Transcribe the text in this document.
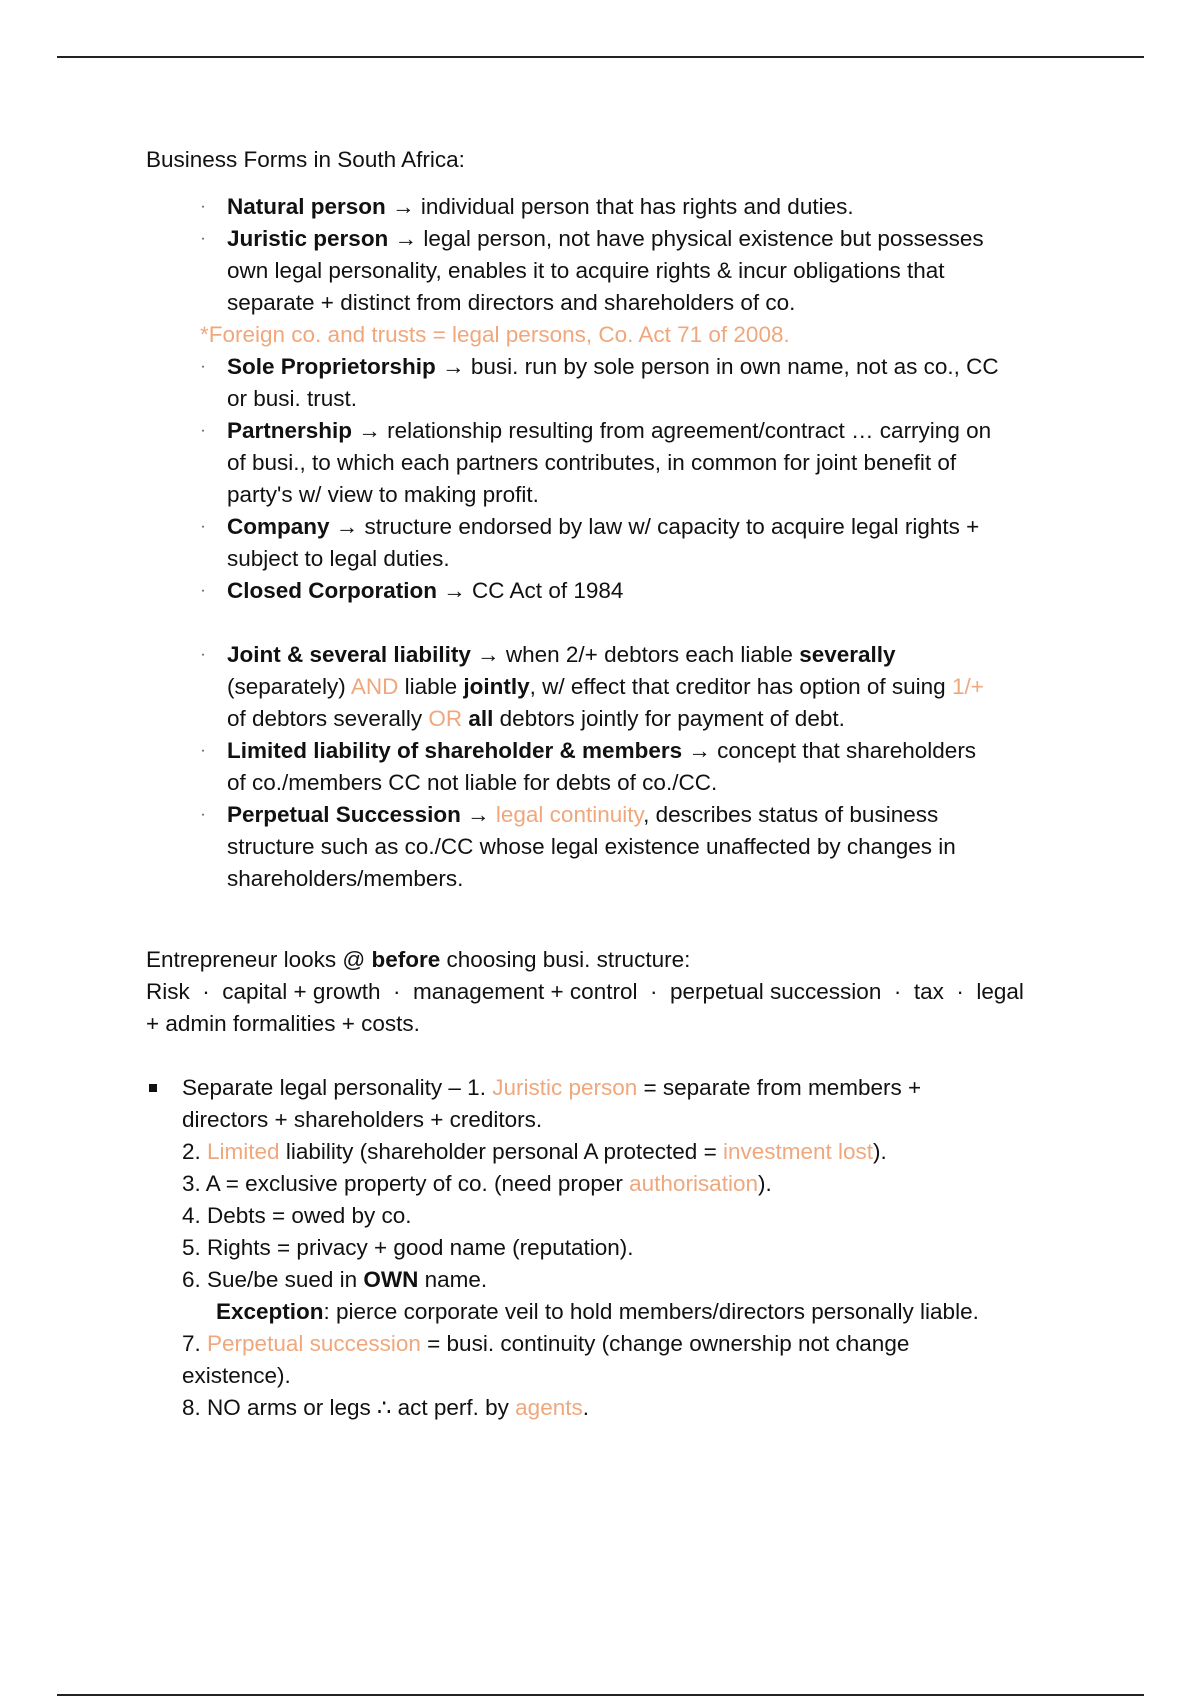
Business Forms in South Africa:
· Natural person → individual person that has rights and duties.
· Juristic person → legal person, not have physical existence but possesses
own legal personality, enables it to acquire rights & incur obligations that
separate + distinct from directors and shareholders of co.
*Foreign co. and trusts = legal persons, Co. Act 71 of 2008.
· Sole Proprietorship → busi. run by sole person in own name, not as co., CC
or busi. trust.
· Partnership → relationship resulting from agreement/contract … carrying on
of busi., to which each partners contributes, in common for joint benefit of
party's w/ view to making profit.
· Company → structure endorsed by law w/ capacity to acquire legal rights +
subject to legal duties.
· Closed Corporation → CC Act of 1984
· Joint & several liability → when 2/+ debtors each liable severally
(separately) AND liable jointly, w/ effect that creditor has option of suing 1/+
of debtors severally OR all debtors jointly for payment of debt.
· Limited liability of shareholder & members → concept that shareholders
of co./members CC not liable for debts of co./CC.
· Perpetual Succession → legal continuity, describes status of business
structure such as co./CC whose legal existence unaffected by changes in
shareholders/members.
Entrepreneur looks @ before choosing busi. structure:
Risk  ·  capital + growth  ·  management + control  ·  perpetual succession  ·  tax  ·  legal
+ admin formalities + costs.
Separate legal personality – 1. Juristic person = separate from members +
directors + shareholders + creditors.
2. Limited liability (shareholder personal A protected = investment lost).
3. A = exclusive property of co. (need proper authorisation).
4. Debts = owed by co.
5. Rights = privacy + good name (reputation).
6. Sue/be sued in OWN name.
Exception: pierce corporate veil to hold members/directors personally liable.
7. Perpetual succession = busi. continuity (change ownership not change
existence).
8. NO arms or legs ∴ act perf. by agents.
